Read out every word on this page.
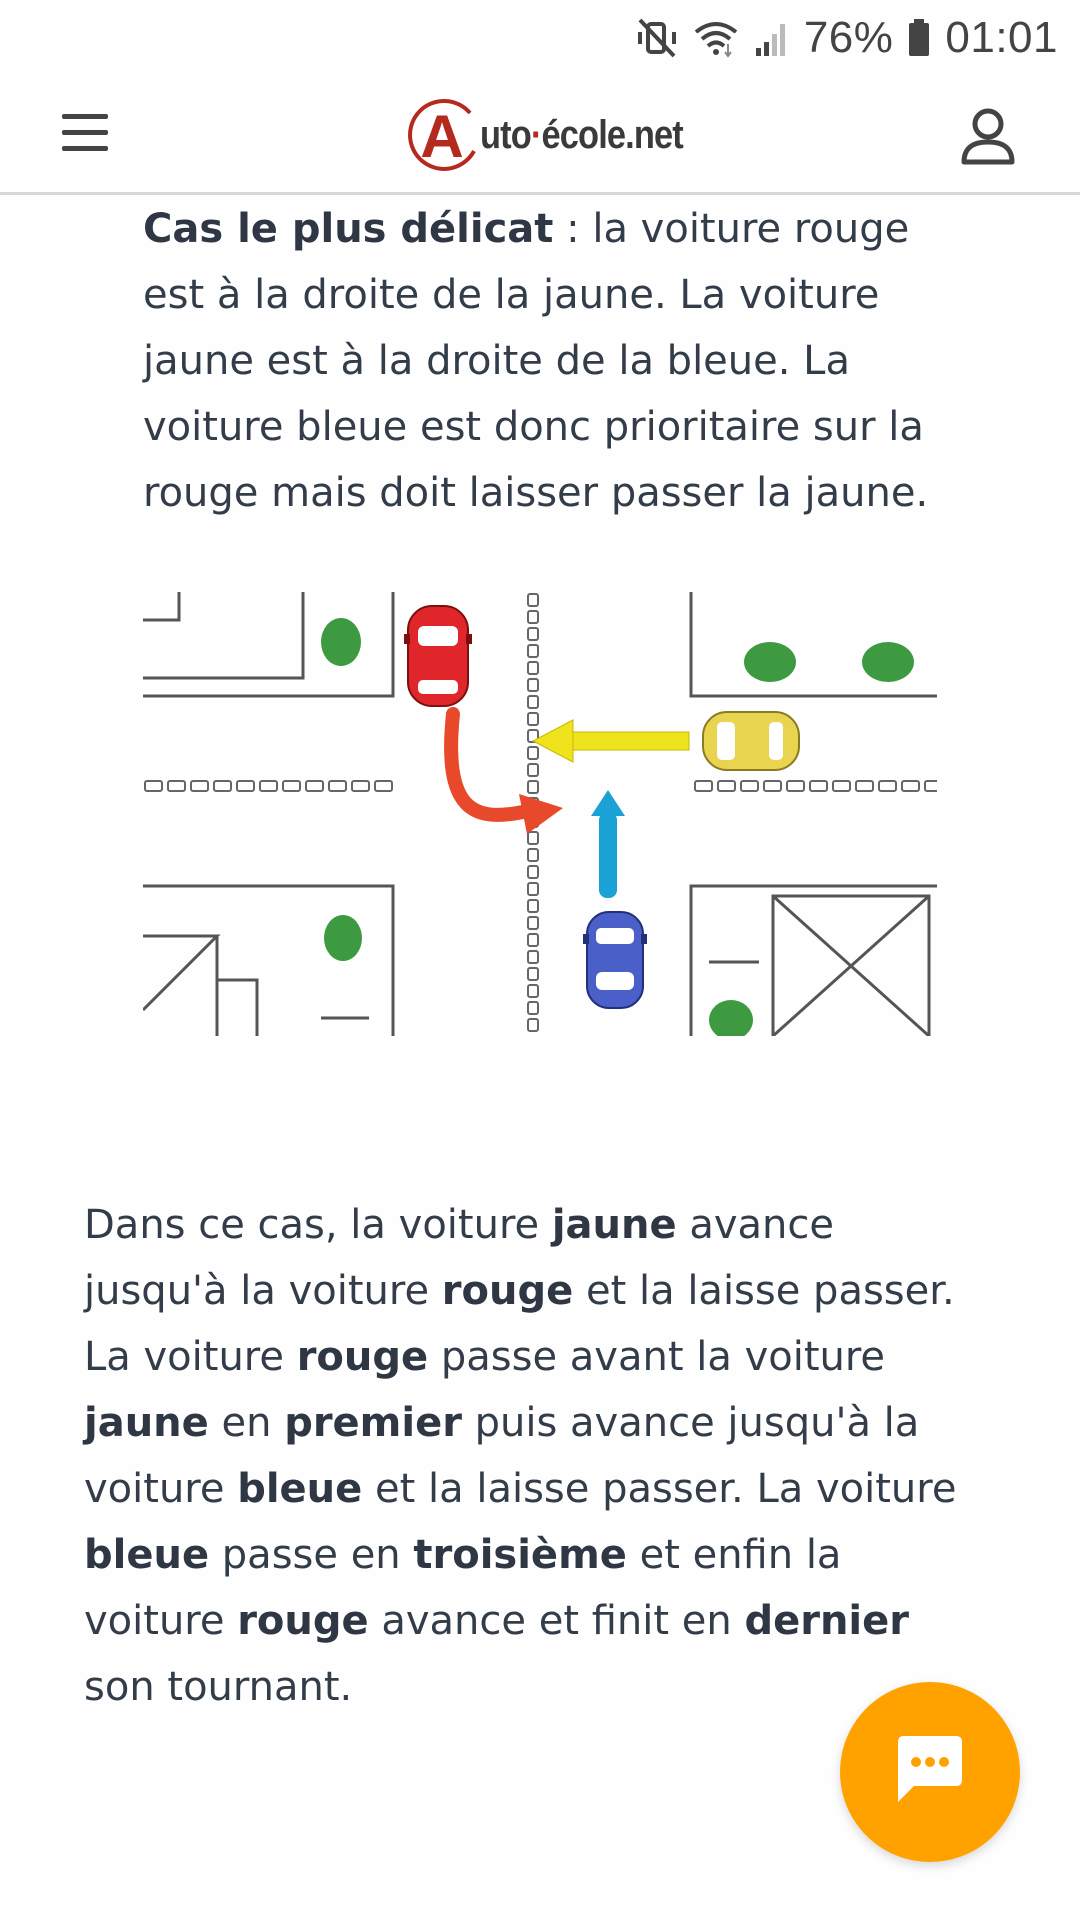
76% 01:01
A uto·école.net

Cas le plus délicat : la voiture rouge est à la droite de la jaune. La voiture jaune est à la droite de la bleue. La voiture bleue est donc prioritaire sur la rouge mais doit laisser passer la jaune.

Dans ce cas, la voiture jaune avance jusqu'à la voiture rouge et la laisse passer. La voiture rouge passe avant la voiture jaune en premier puis avance jusqu'à la voiture bleue et la laisse passer. La voiture bleue passe en troisième et enfin la voiture rouge avance et finit en dernier son tournant.
